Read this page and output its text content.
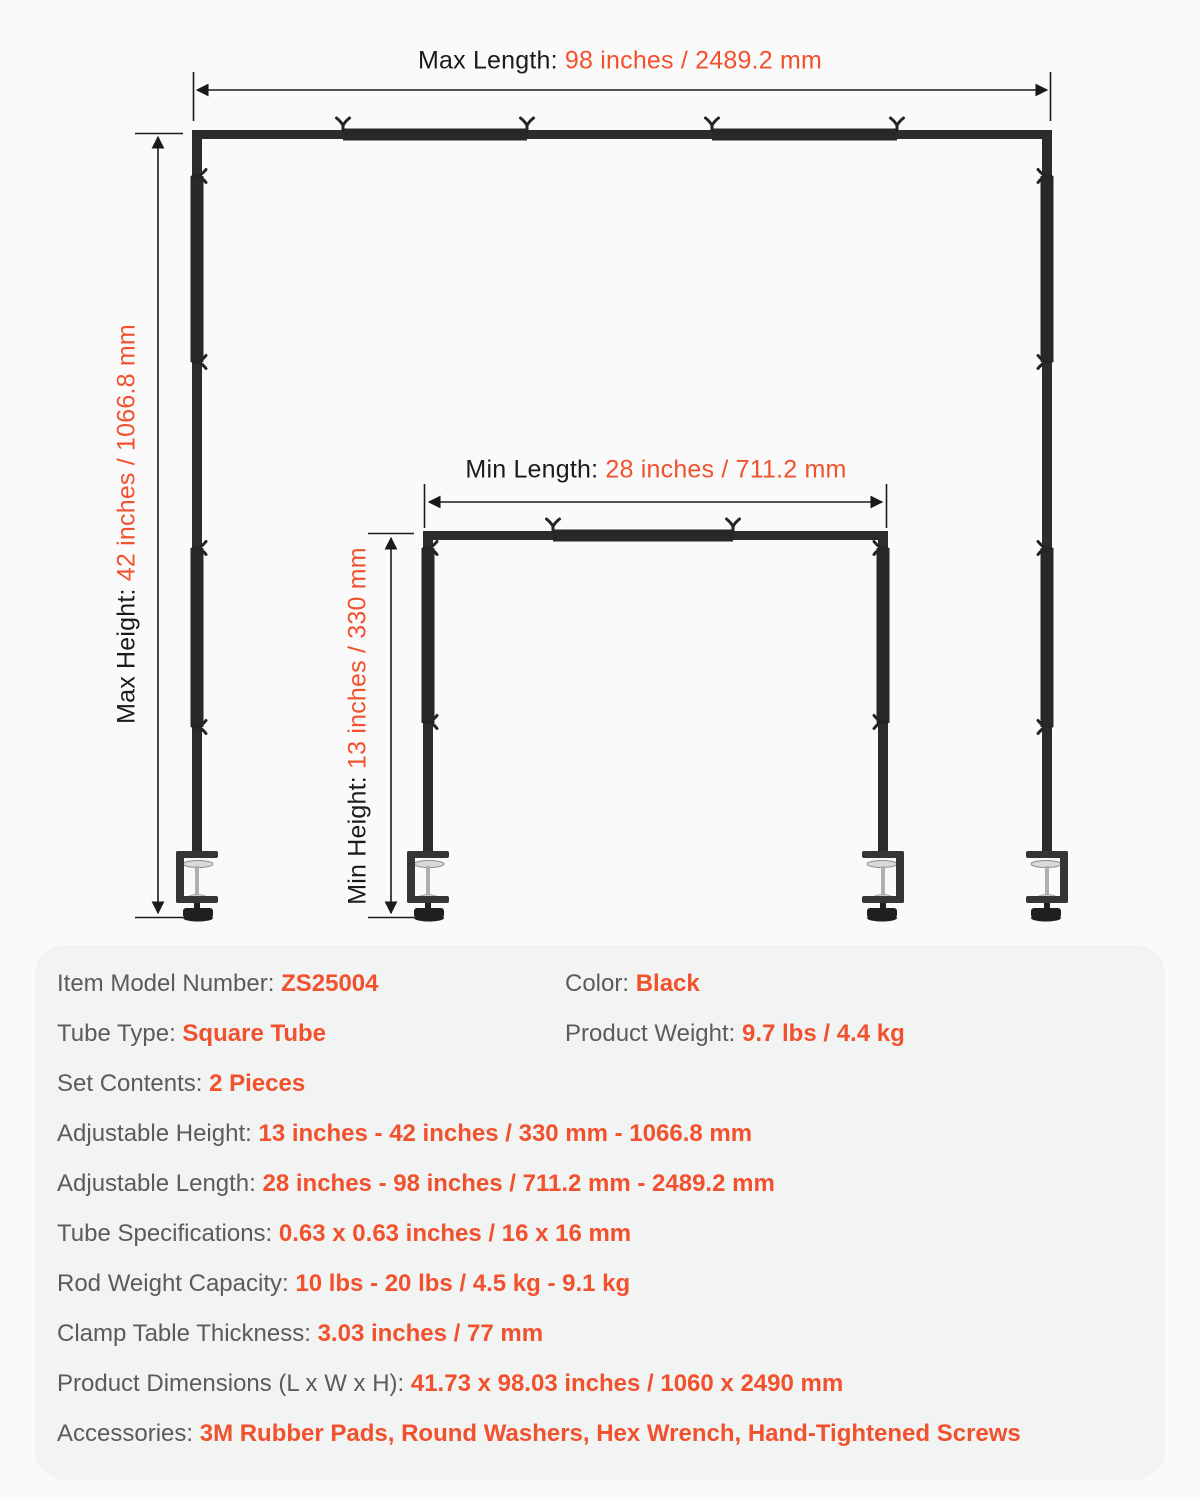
Max Length: 98 inches / 2489.2 mm
Min Length: 28 inches / 711.2 mm
Max Height: 42 inches / 1066.8 mm
Min Height: 13 inches / 330 mm

Item Model Number: ZS25004	Color: Black

Tube Type: Square Tube	Product Weight: 9.7 lbs / 4.4 kg

Set Contents: 2 Pieces

Adjustable Height: 13 inches - 42 inches / 330 mm - 1066.8 mm

Adjustable Length: 28 inches - 98 inches / 711.2 mm - 2489.2 mm

Tube Specifications: 0.63 x 0.63 inches / 16 x 16 mm

Rod Weight Capacity: 10 lbs - 20 lbs / 4.5 kg - 9.1 kg

Clamp Table Thickness: 3.03 inches / 77 mm

Product Dimensions (L x W x H): 41.73 x 98.03 inches / 1060 x 2490 mm

Accessories: 3M Rubber Pads, Round Washers, Hex Wrench, Hand-Tightened Screws
